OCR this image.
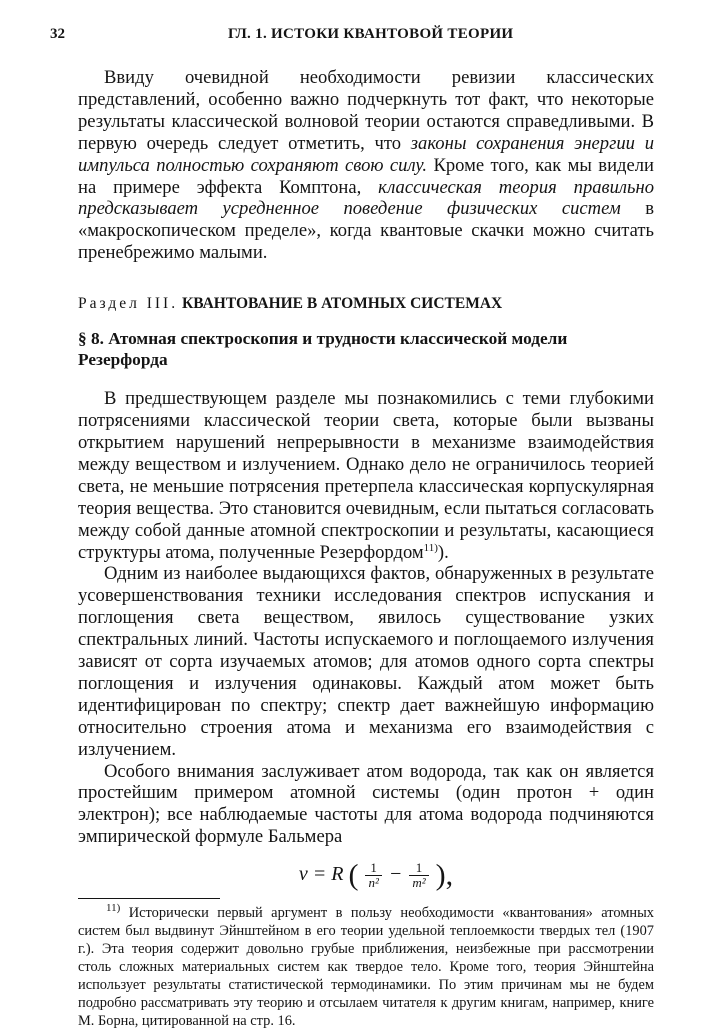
32	ГЛ. 1. ИСТОКИ КВАНТОВОЙ ТЕОРИИ

Ввиду очевидной необходимости ревизии классических представлений, особенно важно подчеркнуть тот факт, что некоторые результаты классической волновой теории остаются справедливыми. В первую очередь следует отметить, что законы сохранения энергии и импульса полностью сохраняют свою силу. Кроме того, как мы видели на примере эффекта Комптона, классическая теория правильно предсказывает усредненное поведение физических систем в «макроскопическом пределе», когда квантовые скачки можно считать пренебрежимо малыми.

Раздел III. КВАНТОВАНИЕ В АТОМНЫХ СИСТЕМАХ

§ 8. Атомная спектроскопия и трудности классической модели Резерфорда

В предшествующем разделе мы познакомились с теми глубокими потрясениями классической теории света, которые были вызваны открытием нарушений непрерывности в механизме взаимодействия между веществом и излучением. Однако дело не ограничилось теорией света, не меньшие потрясения претерпела классическая корпускулярная теория вещества. Это становится очевидным, если пытаться согласовать между собой данные атомной спектроскопии и результаты, касающиеся структуры атома, полученные Резерфордом$^{11)}$).

Одним из наиболее выдающихся фактов, обнаруженных в результате усовершенствования техники исследования спектров испускания и поглощения света веществом, явилось существование узких спектральных линий. Частоты испускаемого и поглощаемого излучения зависят от сорта изучаемых атомов; для атомов одного сорта спектры поглощения и излучения одинаковы. Каждый атом может быть идентифицирован по спектру; спектр дает важнейшую информацию относительно строения атома и механизма его взаимодействия с излучением.

Особого внимания заслуживает атом водорода, так как он является простейшим примером атомной системы (один протон + один электрон); все наблюдаемые частоты для атома водорода подчиняются эмпирической формуле Бальмера

ν = R ( $\frac{1}{\text{n²}} - \frac{1}{\text{m²}}$ ),

$^{11)}$ Исторически первый аргумент в пользу необходимости «квантования» атомных систем был выдвинут Эйнштейном в его теории удельной теплоемкости твердых тел (1907 г.). Эта теория содержит довольно грубые приближения, неизбежные при рассмотрении столь сложных материальных систем как твердое тело. Кроме того, теория Эйнштейна использует результаты статистической термодинамики. По этим причинам мы не будем подробно рассматривать эту теорию и отсылаем читателя к другим книгам, например, книге М. Борна, цитированной на стр. 16.
